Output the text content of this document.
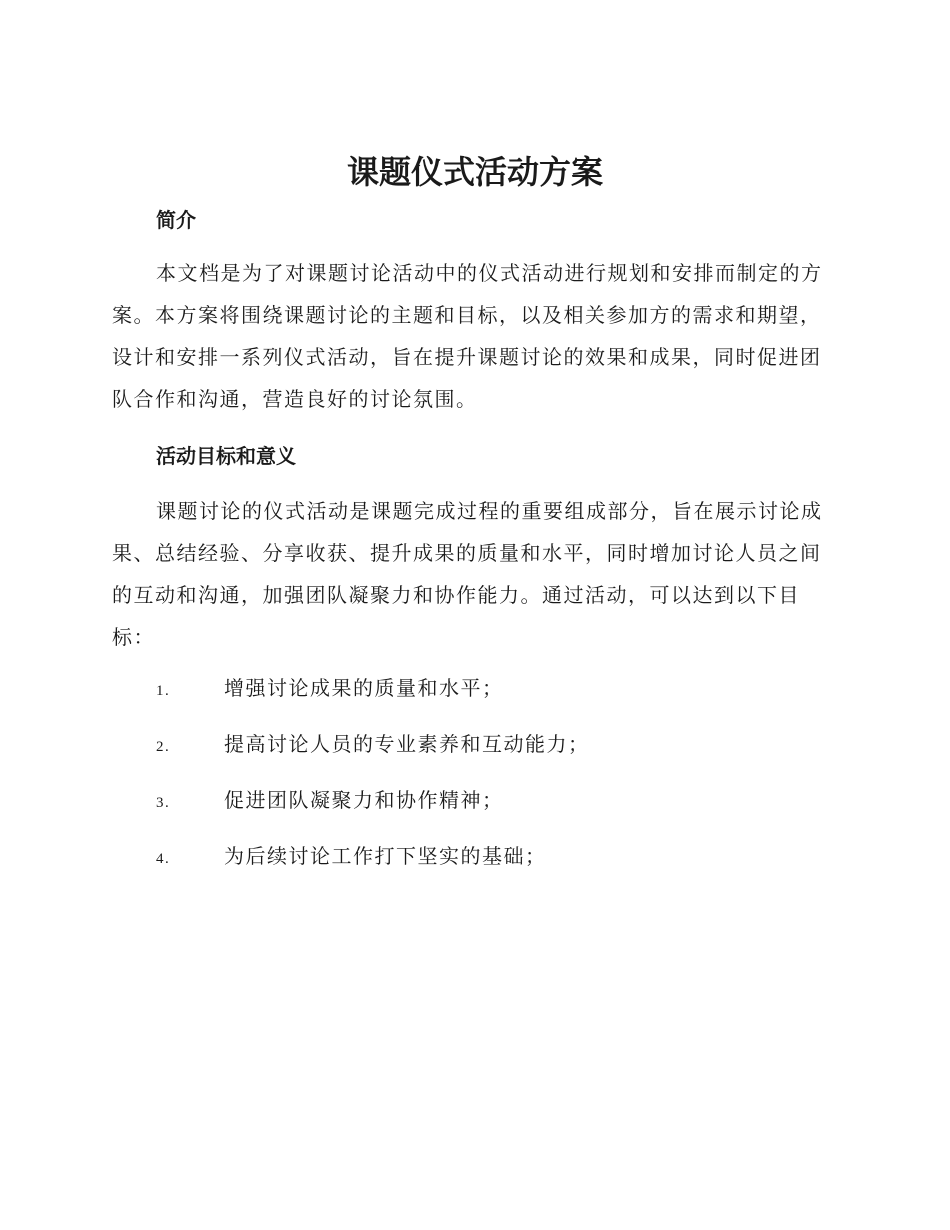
课题仪式活动方案
简介

本文档是为了对课题讨论活动中的仪式活动进行规划和安排而制定的方案。本方案将围绕课题讨论的主题和目标，以及相关参加方的需求和期望，设计和安排一系列仪式活动，旨在提升课题讨论的效果和成果，同时促进团队合作和沟通，营造良好的讨论氛围。

活动目标和意义

课题讨论的仪式活动是课题完成过程的重要组成部分，旨在展示讨论成果、总结经验、分享收获、提升成果的质量和水平，同时增加讨论人员之间的互动和沟通，加强团队凝聚力和协作能力。通过活动，可以达到以下目标：

1.	增强讨论成果的质量和水平；
2.	提高讨论人员的专业素养和互动能力；
3.	促进团队凝聚力和协作精神；
4.	为后续讨论工作打下坚实的基础；
